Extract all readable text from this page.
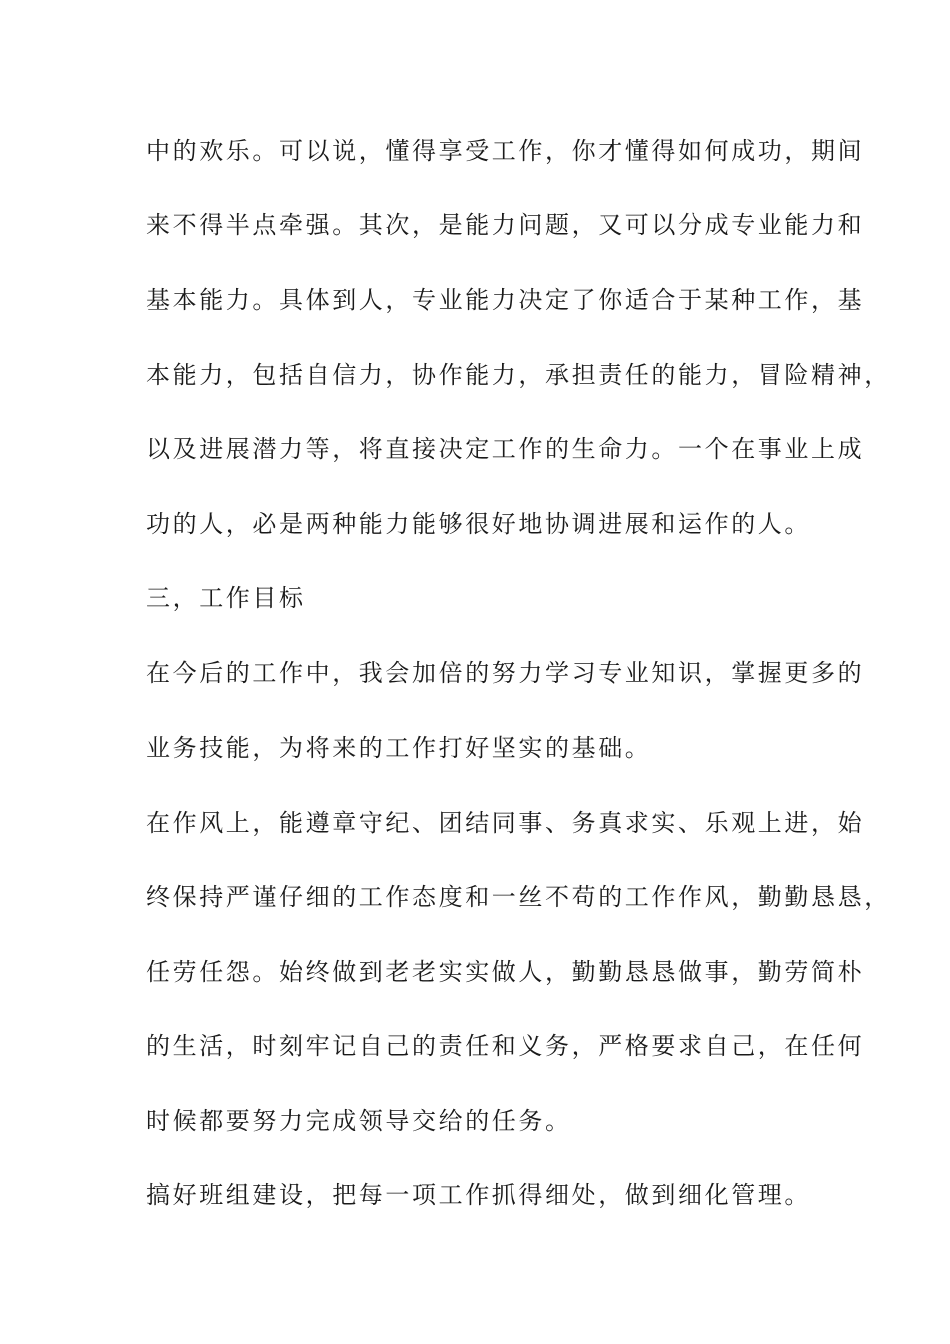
中的欢乐。可以说，懂得享受工作，你才懂得如何成功，期间
来不得半点牵强。其次，是能力问题，又可以分成专业能力和
基本能力。具体到人，专业能力决定了你适合于某种工作，基
本能力，包括自信力，协作能力，承担责任的能力，冒险精神，
以及进展潜力等，将直接决定工作的生命力。一个在事业上成
功的人，必是两种能力能够很好地协调进展和运作的人。
三，工作目标
在今后的工作中，我会加倍的努力学习专业知识，掌握更多的
业务技能，为将来的工作打好坚实的基础。
在作风上，能遵章守纪、团结同事、务真求实、乐观上进，始
终保持严谨仔细的工作态度和一丝不苟的工作作风，勤勤恳恳，
任劳任怨。始终做到老老实实做人，勤勤恳恳做事，勤劳简朴
的生活，时刻牢记自己的责任和义务，严格要求自己，在任何
时候都要努力完成领导交给的任务。
搞好班组建设，把每一项工作抓得细处，做到细化管理。
